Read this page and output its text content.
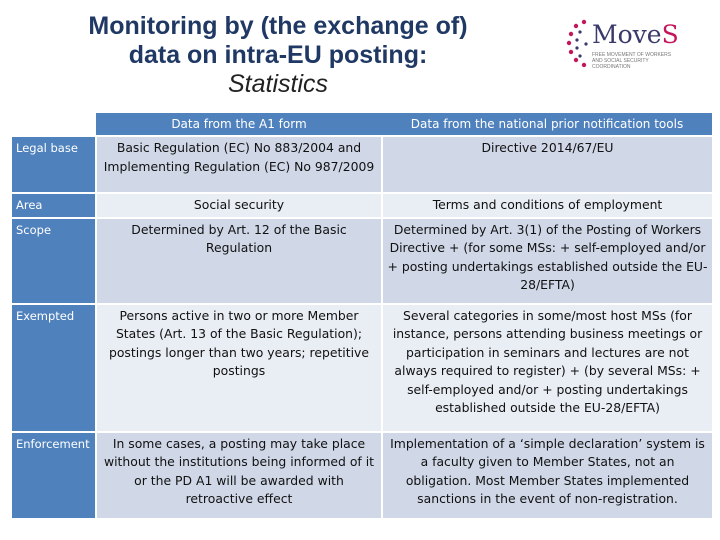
Monitoring by (the exchange of)
data on intra-EU posting:
Statistics
MoveS
FREE MOVEMENT OF WORKERS AND SOCIAL SECURITY COORDINATION
	Data from the A1 form	Data from the national prior notification tools
Legal base	Basic Regulation (EC) No 883/2004 and Implementing Regulation (EC) No 987/2009	Directive 2014/67/EU
Area	Social security	Terms and conditions of employment
Scope	Determined by Art. 12 of the Basic Regulation	Determined by Art. 3(1) of the Posting of Workers Directive + (for some MSs: + self-employed and/or + posting undertakings established outside the EU-28/EFTA)
Exempted	Persons active in two or more Member States (Art. 13 of the Basic Regulation); postings longer than two years; repetitive postings	Several categories in some/most host MSs (for instance, persons attending business meetings or participation in seminars and lectures are not always required to register) + (by several MSs: + self-employed and/or + posting undertakings established outside the EU-28/EFTA)
Enforcement	In some cases, a posting may take place without the institutions being informed of it or the PD A1 will be awarded with retroactive effect	Implementation of a ‘simple declaration’ system is a faculty given to Member States, not an obligation. Most Member States implemented sanctions in the event of non-registration.
